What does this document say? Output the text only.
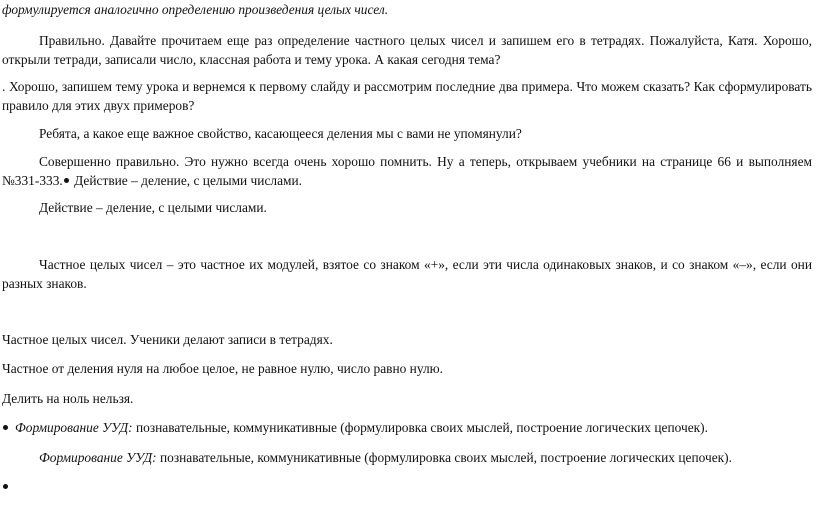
формулируется аналогично определению произведения целых чисел.

Правильно. Давайте прочитаем еще раз определение частного целых чисел и запишем его в тетрадях. Пожалуйста, Катя. Хорошо, открыли тетради, записали число, классная работа и тему урока. А какая сегодня тема?

. Хорошо, запишем тему урока и вернемся к первому слайду и рассмотрим последние два примера. Что можем сказать? Как сформулировать правило для этих двух примеров?

Ребята, а какое еще важное свойство, касающееся деления мы с вами не упомянули?

Совершенно правильно. Это нужно всегда очень хорошо помнить. Ну а теперь, открываем учебники на странице 66 и выполняем №331-333. Действие – деление, с целыми числами.

Действие – деление, с целыми числами.

Частное целых чисел – это частное их модулей, взятое со знаком «+», если эти числа одинаковых знаков, и со знаком «–», если они разных знаков.

Частное целых чисел. Ученики делают записи в тетрадях.

Частное от деления нуля на любое целое, не равное нулю, число равно нулю.

Делить на ноль нельзя.

Формирование УУД: познавательные, коммуникативные (формулировка своих мыслей, построение логических цепочек).

Формирование УУД: познавательные, коммуникативные (формулировка своих мыслей, построение логических цепочек).
